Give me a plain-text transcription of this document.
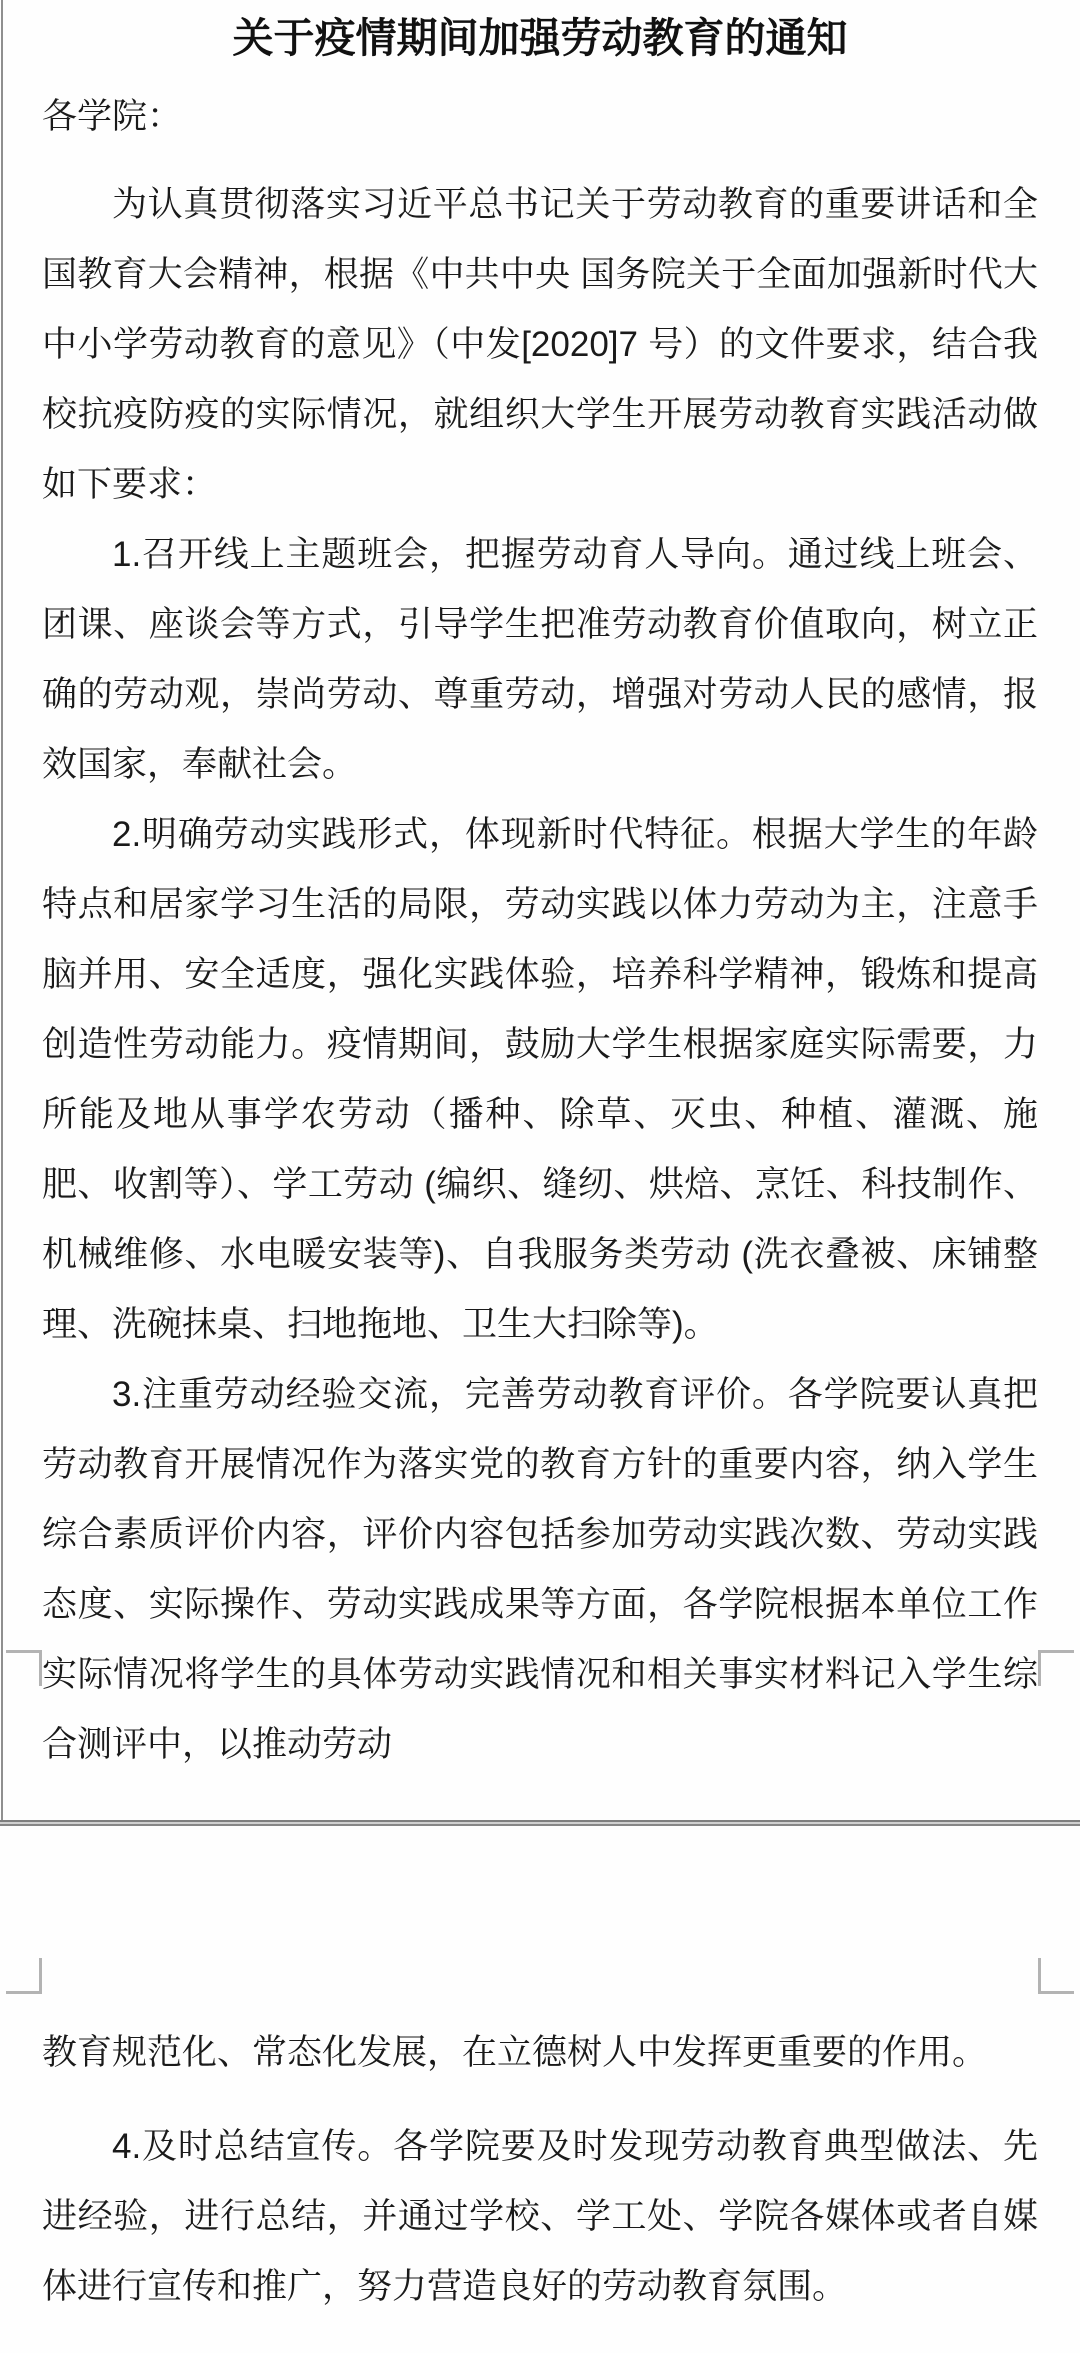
关于疫情期间加强劳动教育的通知
各学院：

为认真贯彻落实习近平总书记关于劳动教育的重要讲话和全国教育大会精神，根据《中共中央 国务院关于全面加强新时代大中小学劳动教育的意见》（中发[2020]7 号）的文件要求，结合我校抗疫防疫的实际情况，就组织大学生开展劳动教育实践活动做如下要求：

1.召开线上主题班会，把握劳动育人导向。通过线上班会、团课、座谈会等方式，引导学生把准劳动教育价值取向，树立正确的劳动观，崇尚劳动、尊重劳动，增强对劳动人民的感情，报效国家，奉献社会。

2.明确劳动实践形式，体现新时代特征。根据大学生的年龄特点和居家学习生活的局限，劳动实践以体力劳动为主，注意手脑并用、安全适度，强化实践体验，培养科学精神，锻炼和提高创造性劳动能力。疫情期间，鼓励大学生根据家庭实际需要，力所能及地从事学农劳动（播种、除草、灭虫、种植、灌溉、施肥、收割等）、学工劳动 (编织、缝纫、烘焙、烹饪、科技制作、机械维修、水电暖安装等)、自我服务类劳动 (洗衣叠被、床铺整理、洗碗抹桌、扫地拖地、卫生大扫除等)。

3.注重劳动经验交流，完善劳动教育评价。各学院要认真把劳动教育开展情况作为落实党的教育方针的重要内容，纳入学生综合素质评价内容，评价内容包括参加劳动实践次数、劳动实践态度、实际操作、劳动实践成果等方面，各学院根据本单位工作实际情况将学生的具体劳动实践情况和相关事实材料记入学生综合测评中，以推动劳动

教育规范化、常态化发展，在立德树人中发挥更重要的作用。

4.及时总结宣传。各学院要及时发现劳动教育典型做法、先进经验，进行总结，并通过学校、学工处、学院各媒体或者自媒体进行宣传和推广，努力营造良好的劳动教育氛围。
